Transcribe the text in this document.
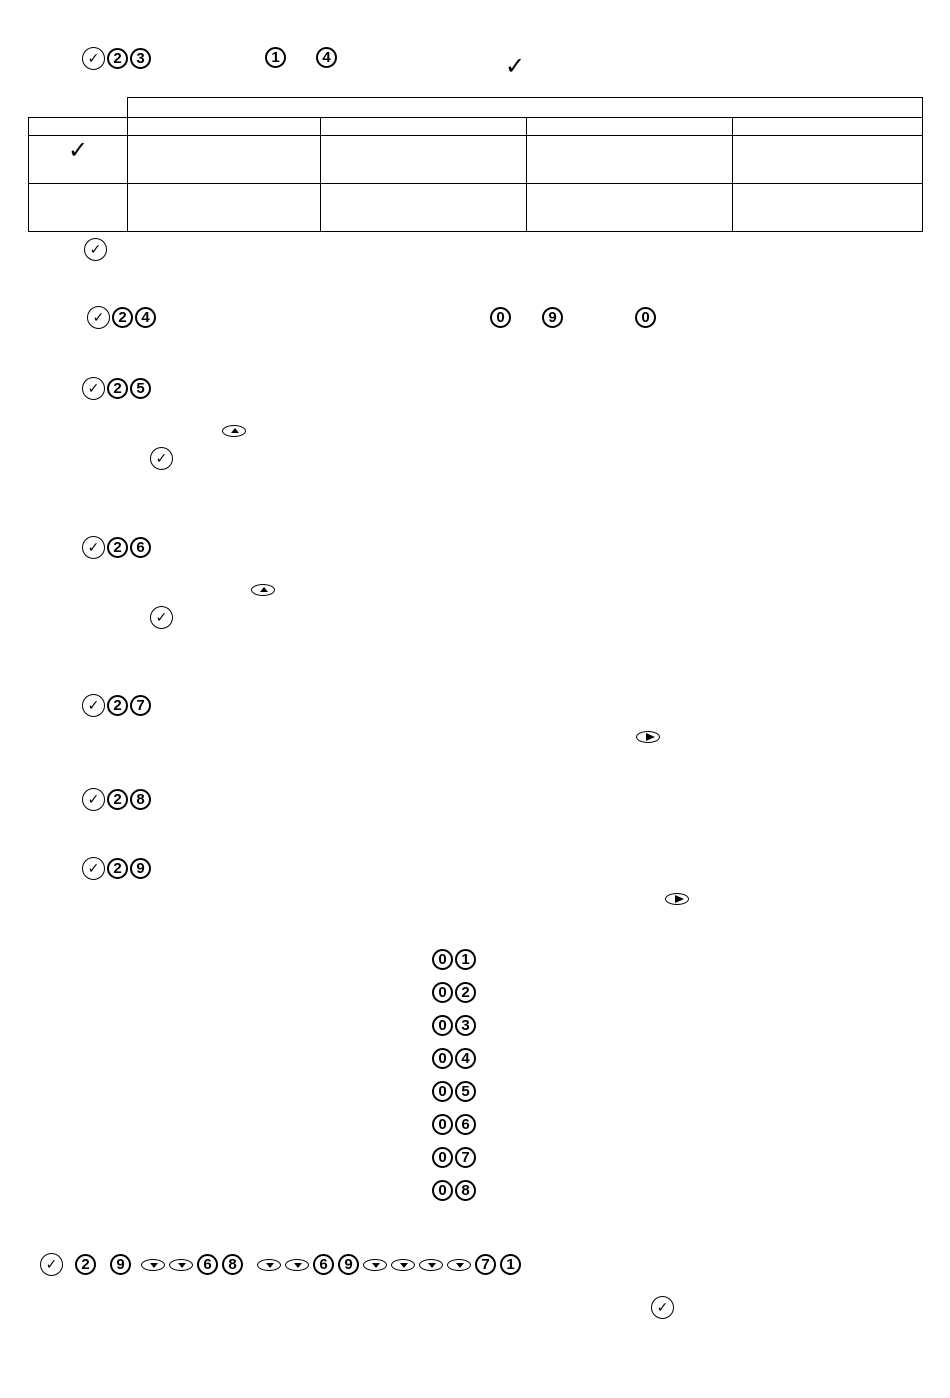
✓ 2 3	1	4	✓

✓				

✓
✓ 2 4	0	9	0
✓ 2 5

✓
✓ 2 6

✓
✓ 2 7

✓ 2 8
✓ 2 9
0 1
0 2
0 3
0 4
0 5
0 6
0 7
0 8
✓	2	9	6	8	6	9	7	1
✓
